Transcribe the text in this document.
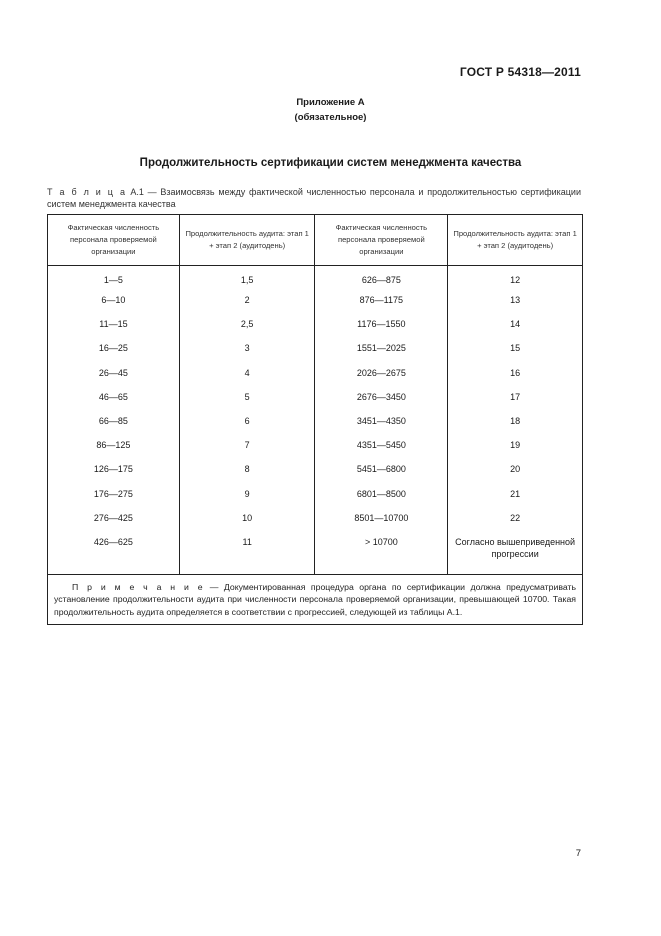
ГОСТ Р 54318—2011
Приложение А
(обязательное)
Продолжительность сертификации систем менеджмента качества
Т а б л и ц а А.1 — Взаимосвязь между фактической численностью персонала и продолжительностью сертификации систем менеджмента качества
Фактическая численность персонала проверяемой организации	Продолжительность аудита: этап 1 + этап 2 (аудитодень)	Фактическая численность персонала проверяемой организации	Продолжительность аудита: этап 1 + этап 2 (аудитодень)
1—5	1,5	626—875	12
6—10	2	876—1175	13
11—15	2,5	1176—1550	14
16—25	3	1551—2025	15
26—45	4	2026—2675	16
46—65	5	2676—3450	17
66—85	6	3451—4350	18
86—125	7	4351—5450	19
126—175	8	5451—6800	20
176—275	9	6801—8500	21
276—425	10	8501—10700	22
426—625	11	> 10700	Согласно вышеприведенной прогрессии
П р и м е ч а н и е — Документированная процедура органа по сертификации должна предусматривать установление продолжительности аудита при численности персонала проверяемой организации, превышающей 10700. Такая продолжительность аудита определяется в соответствии с прогрессией, следующей из таблицы А.1.			
7
